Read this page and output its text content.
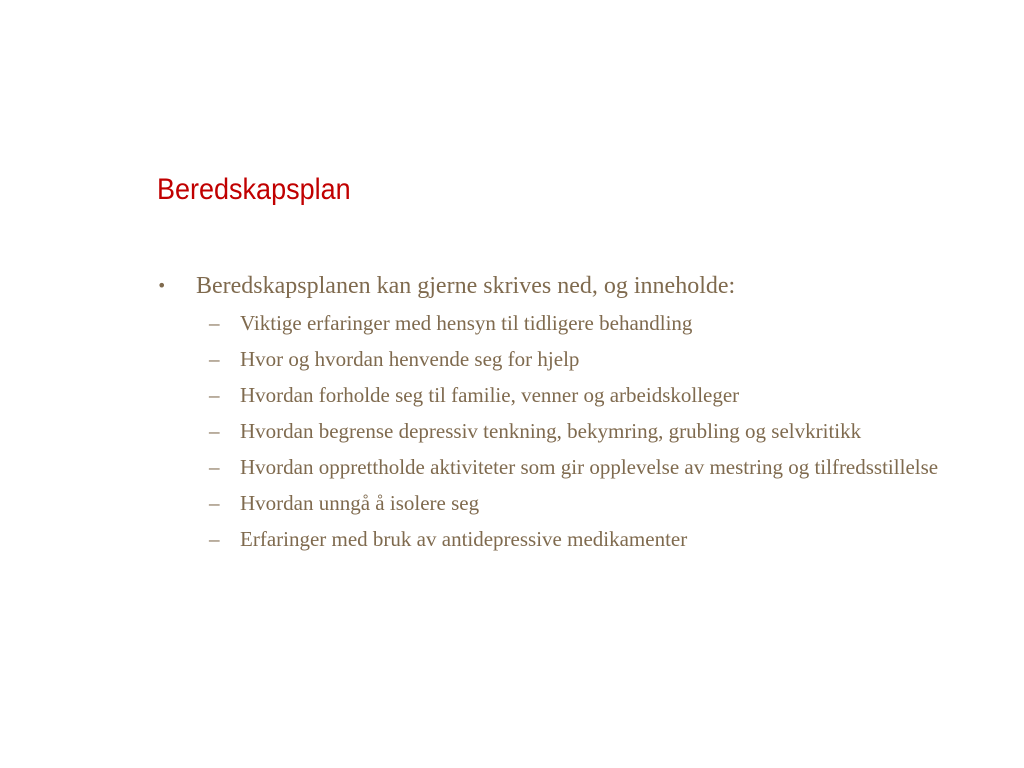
Beredskapsplan
•	Beredskapsplanen kan gjerne skrives ned, og inneholde:
– Viktige erfaringer med hensyn til tidligere behandling
– Hvor og hvordan henvende seg for hjelp
– Hvordan forholde seg til familie, venner og arbeidskolleger
– Hvordan begrense depressiv tenkning, bekymring, grubling og selvkritikk
– Hvordan opprettholde aktiviteter som gir opplevelse av mestring og tilfredsstillelse
– Hvordan unngå å isolere seg
– Erfaringer med bruk av antidepressive medikamenter
